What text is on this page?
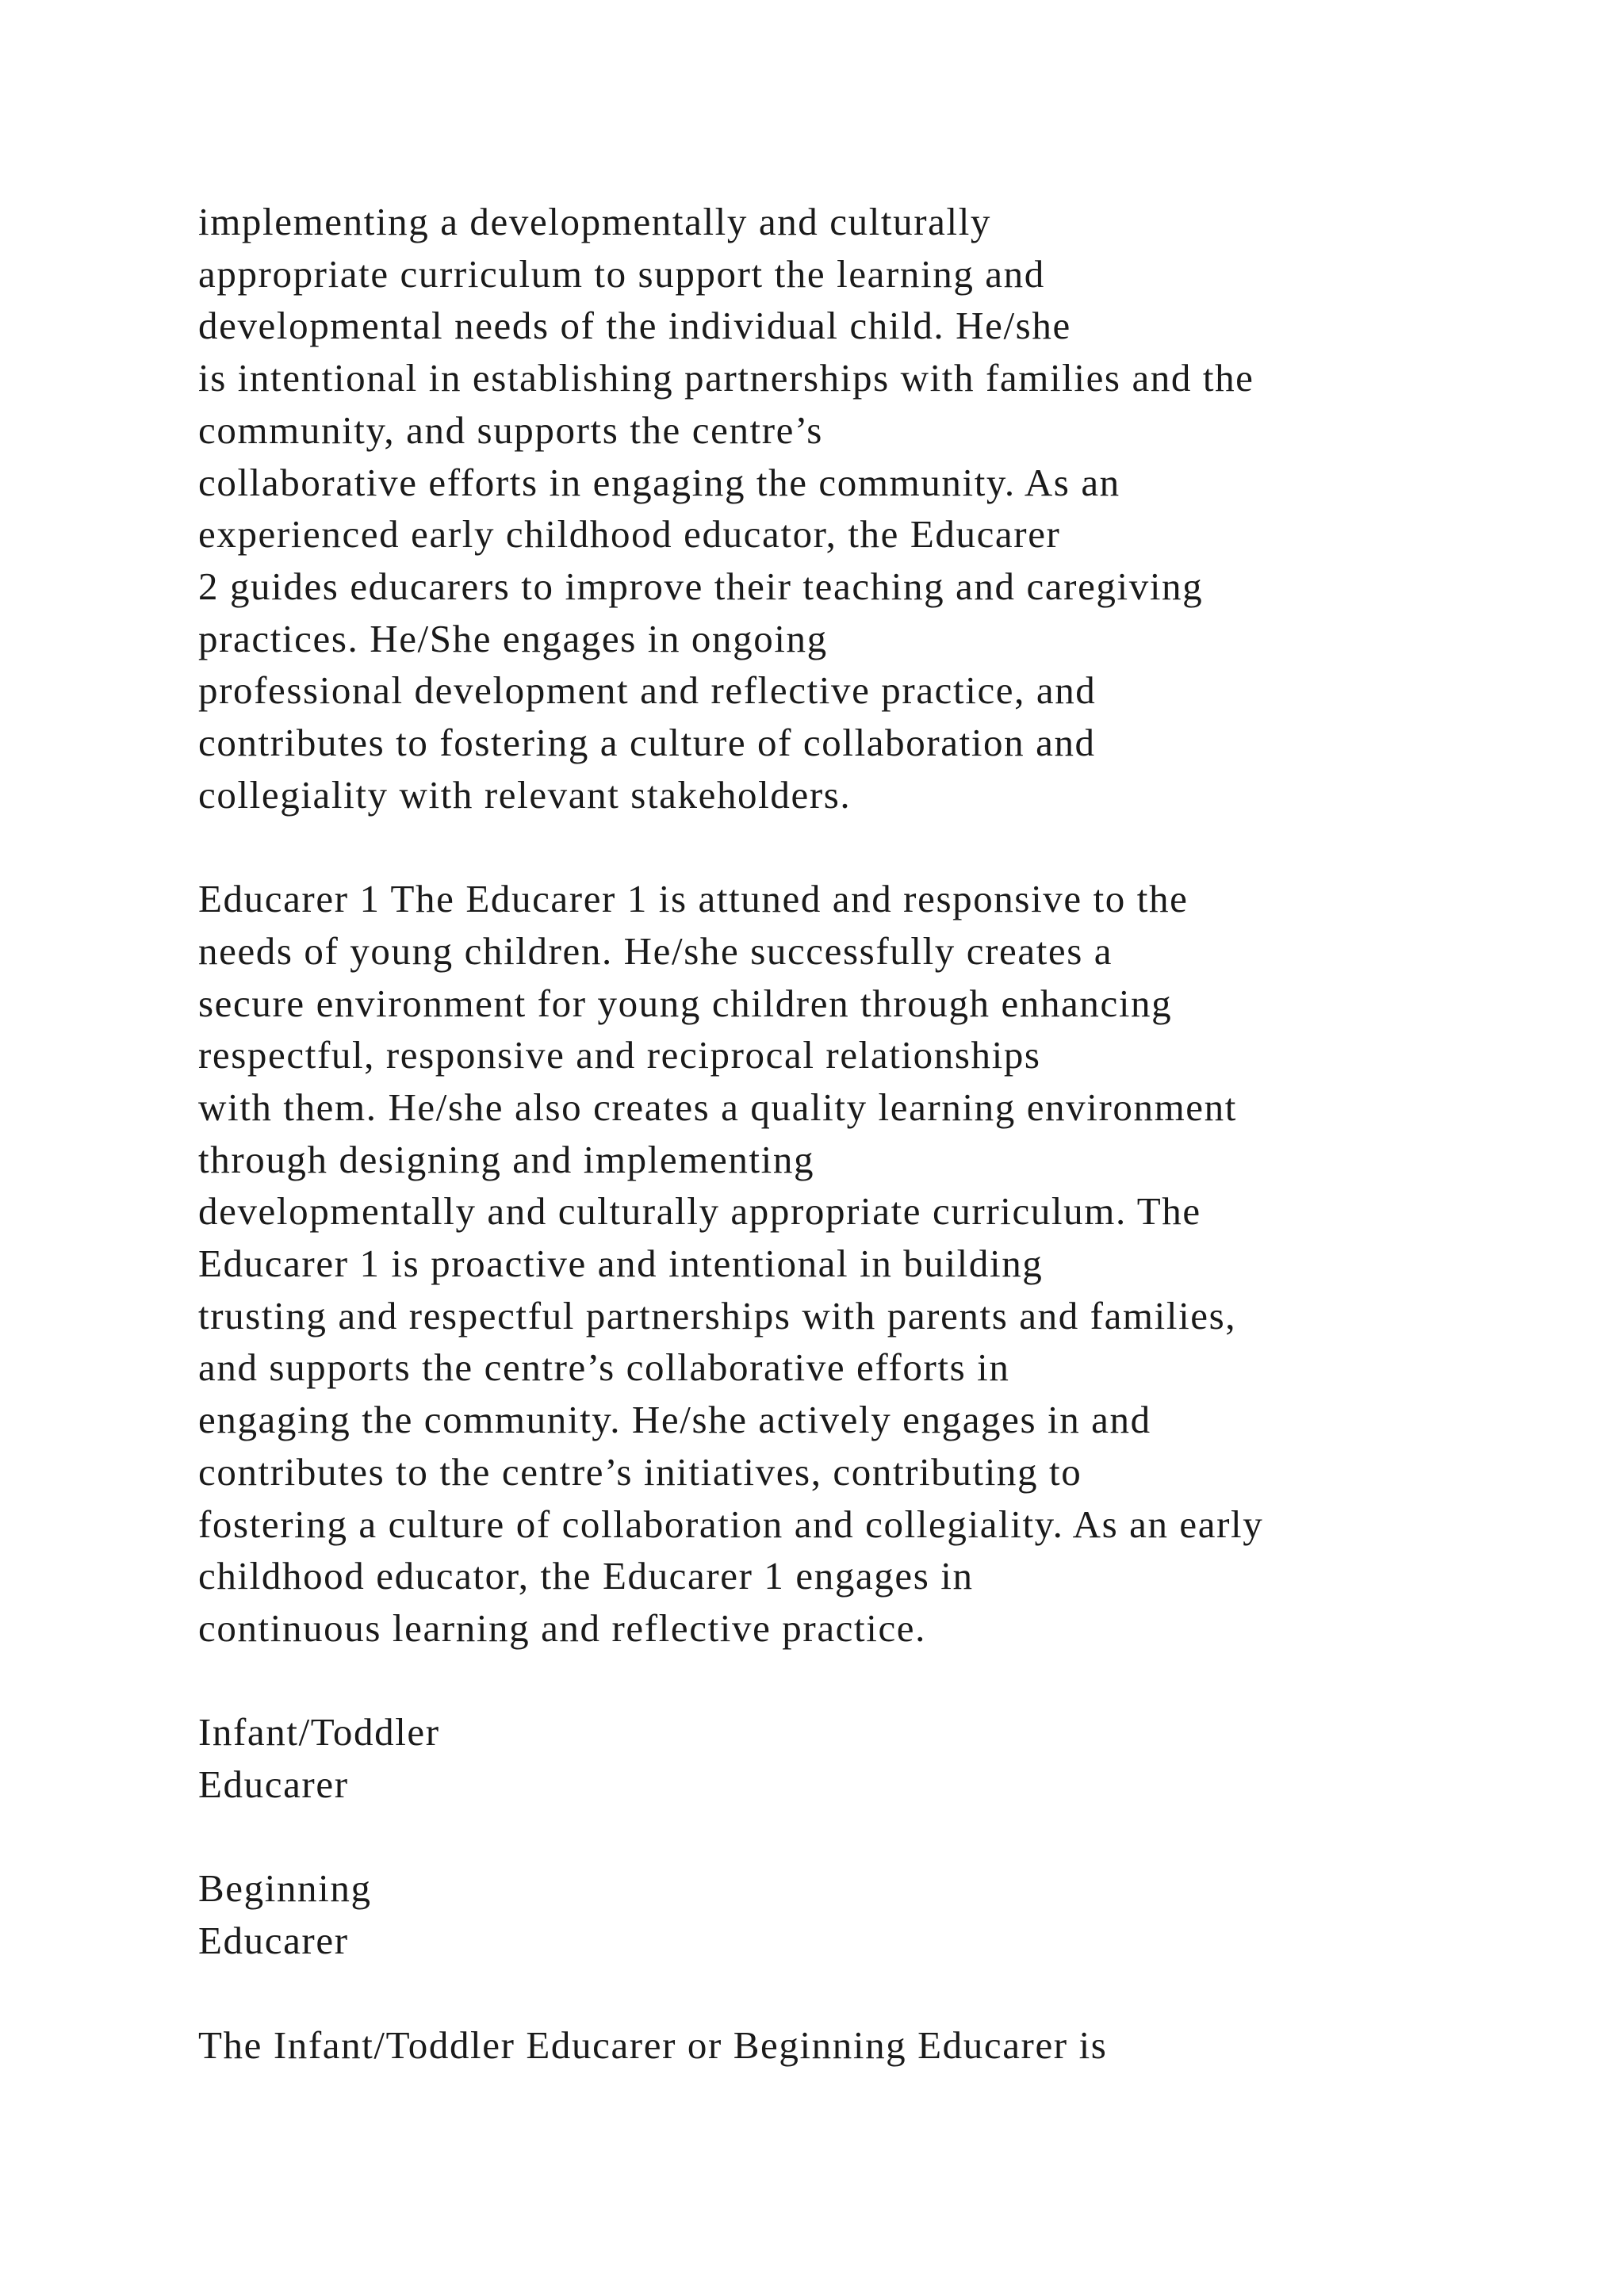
implementing a developmentally and culturally
appropriate curriculum to support the learning and
developmental needs of the individual child. He/she
is intentional in establishing partnerships with families and the
community, and supports the centre’s
collaborative efforts in engaging the community. As an
experienced early childhood educator, the Educarer
2 guides educarers to improve their teaching and caregiving
practices. He/She engages in ongoing
professional development and reflective practice, and
contributes to fostering a culture of collaboration and
collegiality with relevant stakeholders.

Educarer 1 The Educarer 1 is attuned and responsive to the
needs of young children. He/she successfully creates a
secure environment for young children through enhancing
respectful, responsive and reciprocal relationships
with them. He/she also creates a quality learning environment
through designing and implementing
developmentally and culturally appropriate curriculum. The
Educarer 1 is proactive and intentional in building
trusting and respectful partnerships with parents and families,
and supports the centre’s collaborative efforts in
engaging the community. He/she actively engages in and
contributes to the centre’s initiatives, contributing to
fostering a culture of collaboration and collegiality. As an early
childhood educator, the Educarer 1 engages in
continuous learning and reflective practice.

Infant/Toddler
Educarer

Beginning
Educarer

The Infant/Toddler Educarer or Beginning Educarer is
